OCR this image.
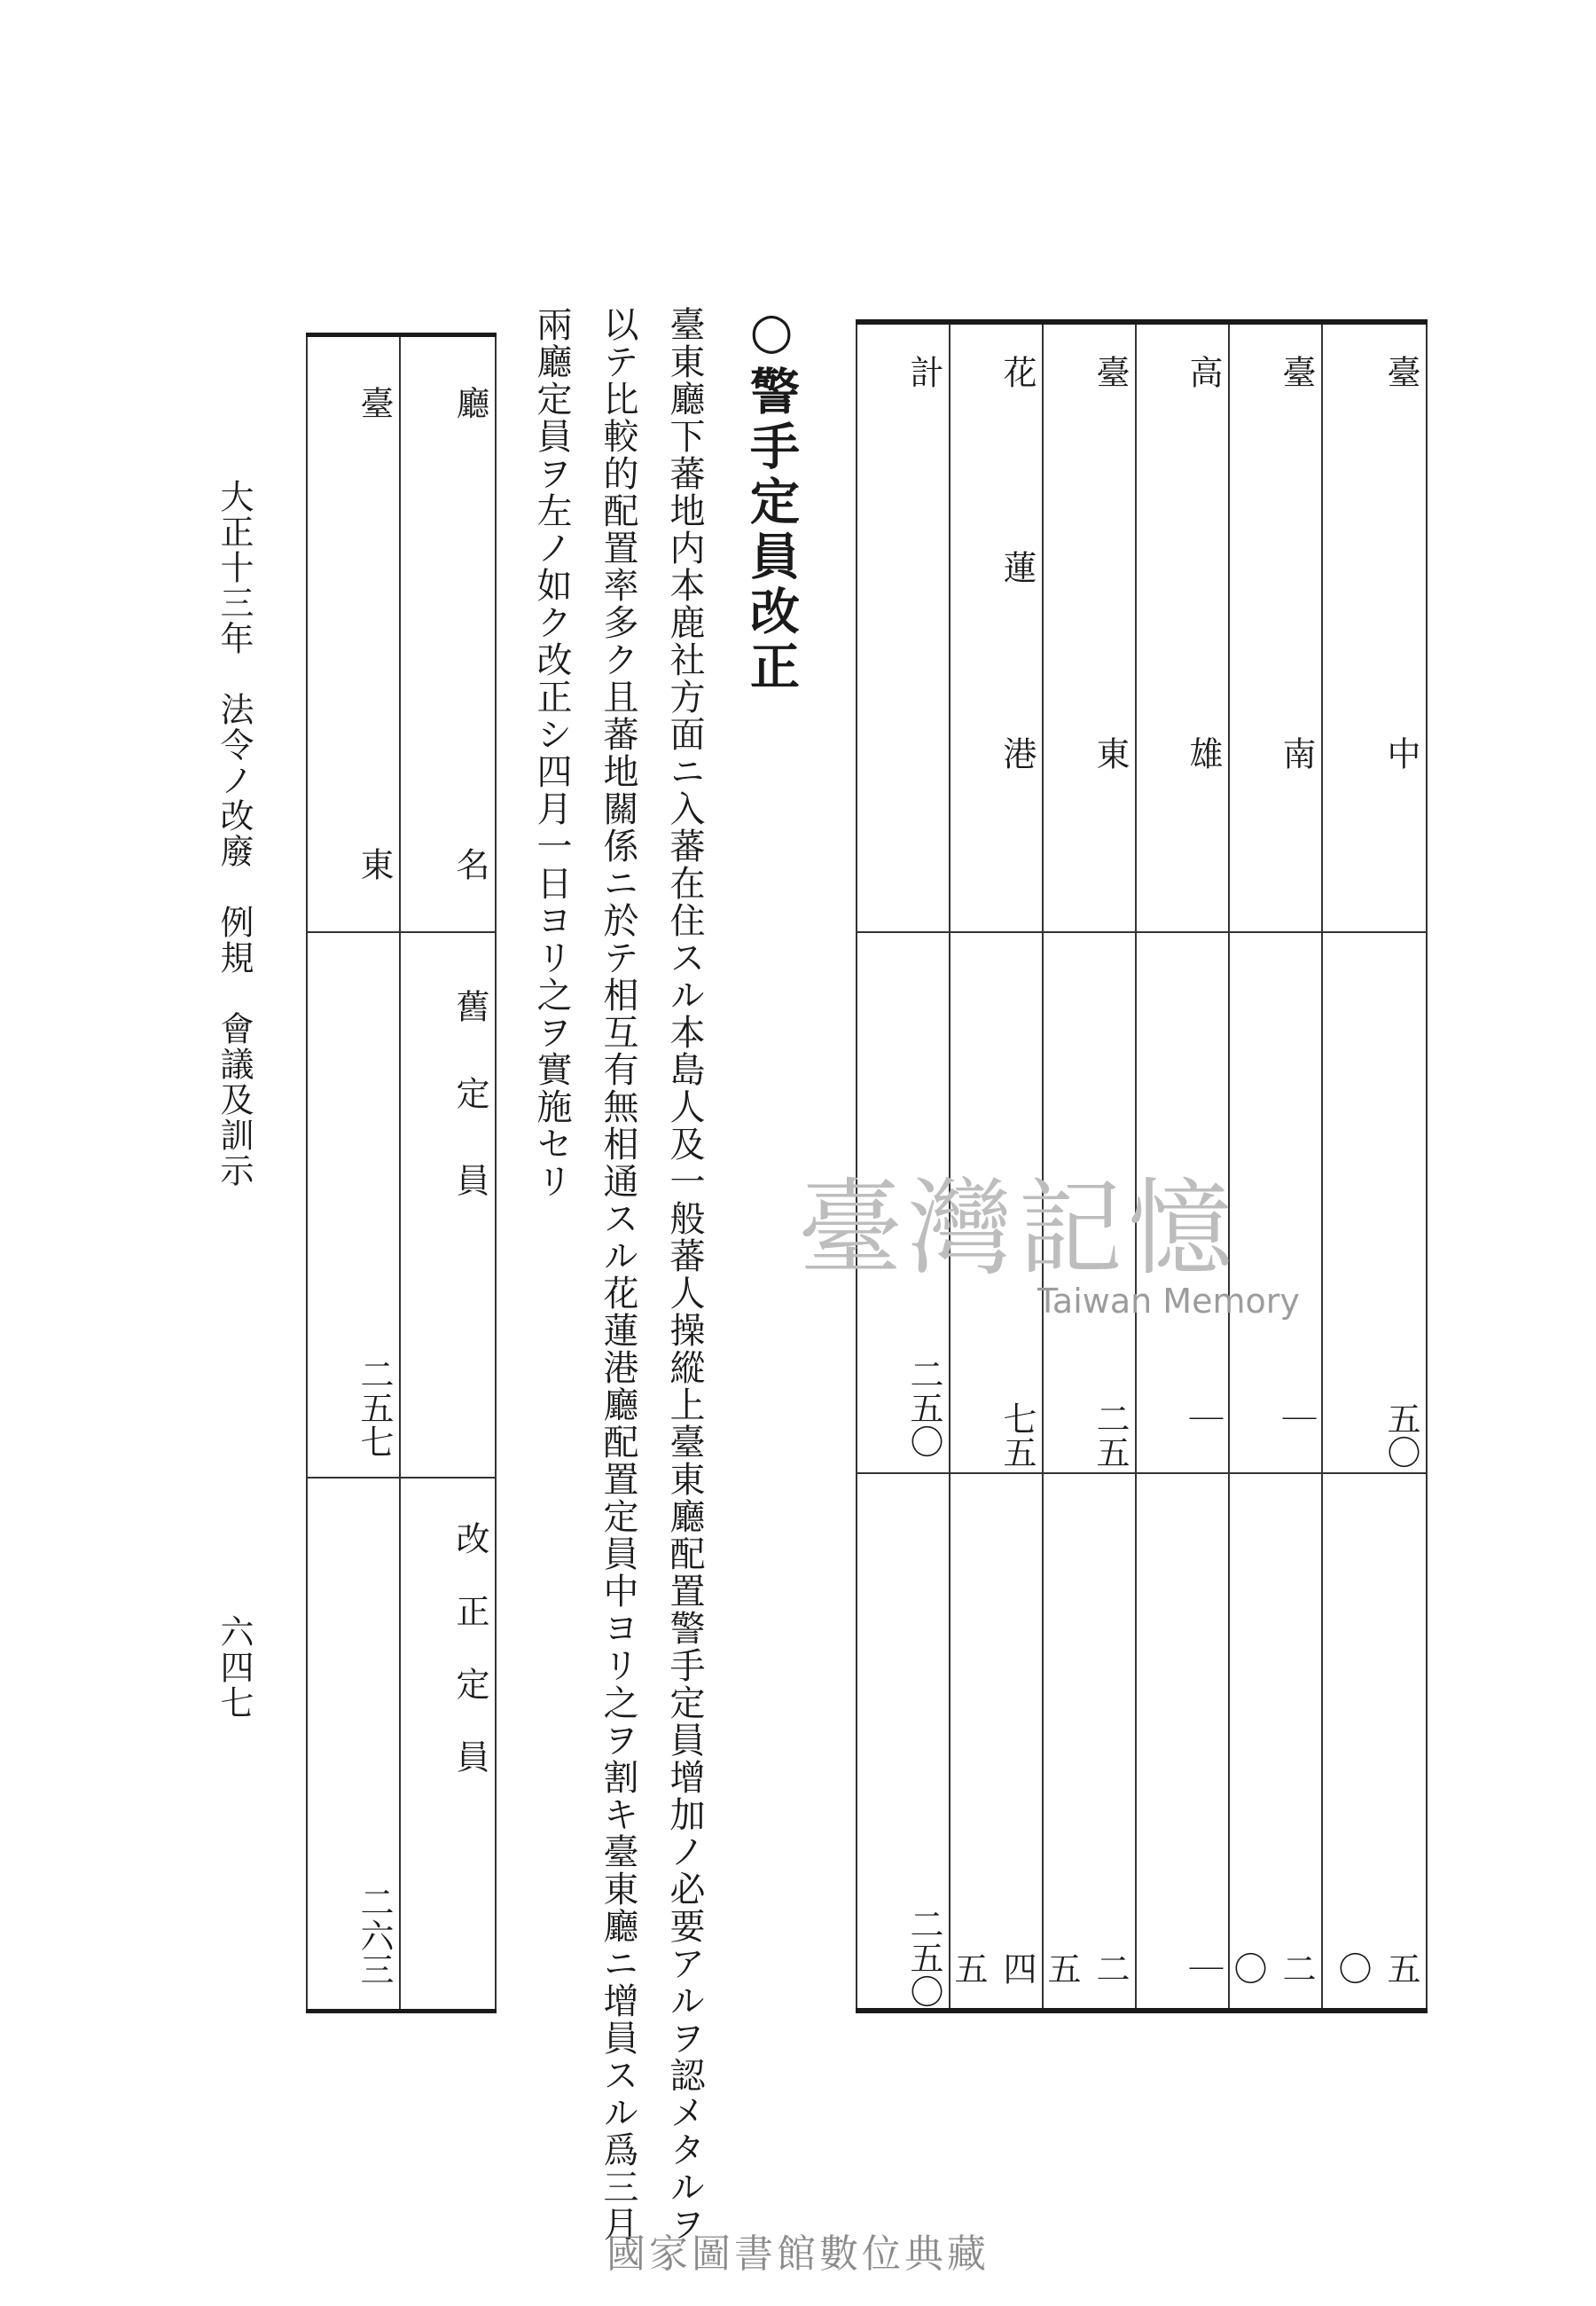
臺
中
五〇
五〇
臺
南
｜
二〇
高
雄
｜
｜
臺
東
二五
二五
花
蓮
港
七五
四五
計
二五〇
二五〇
○警手定員改正
臺東廳下蕃地内本鹿社方面ニ入蕃在住スル本島人及一般蕃人操縱上臺東廳配置警手定員增加ノ必要アルヲ認メタルヲ
以テ比較的配置率多ク且蕃地關係ニ於テ相互有無相通スル花蓮港廳配置定員中ヨリ之ヲ割キ臺東廳ニ增員スル爲三月
兩廳定員ヲ左ノ如ク改正シ四月一日ヨリ之ヲ實施セリ
廳
名
舊定員
改正定員
臺
東
二五七
二六三
大正十三年　法令ノ改廢　例規　會議及訓示
六四七
臺灣記憶
Taiwan Memory
國家圖書館數位典藏
